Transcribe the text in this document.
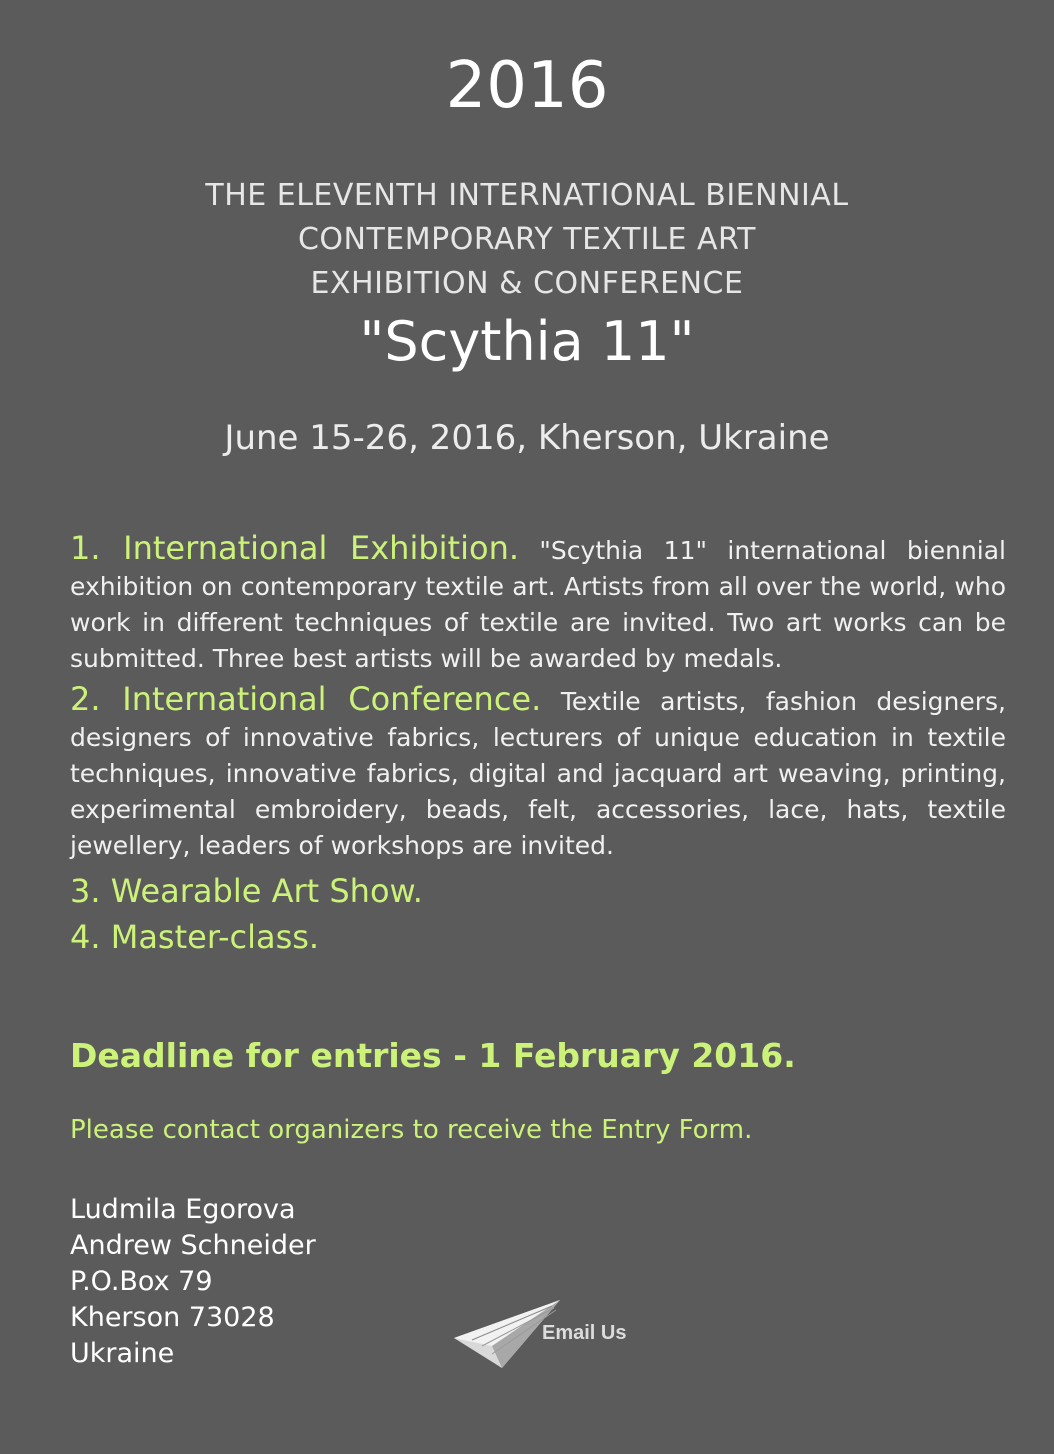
2016
THE ELEVENTH INTERNATIONAL BIENNIAL
CONTEMPORARY TEXTILE ART
EXHIBITION & CONFERENCE
"Scythia 11"
June 15-26, 2016, Kherson, Ukraine

1. International Exhibition. "Scythia 11" international biennial exhibition on contemporary textile art. Artists from all over the world, who work in different techniques of textile are invited. Two art works can be submitted. Three best artists will be awarded by medals.

2. International Conference. Textile artists, fashion designers, designers of innovative fabrics, lecturers of unique education in textile techniques, innovative fabrics, digital and jacquard art weaving, printing, experimental embroidery, beads, felt, accessories, lace, hats, textile jewellery, leaders of workshops are invited.

3. Wearable Art Show.

4. Master-class.

Deadline for entries - 1 February 2016.
Please contact organizers to receive the Entry Form.
Ludmila Egorova
Andrew Schneider
P.O.Box 79
Kherson 73028
Ukraine
Email Us
